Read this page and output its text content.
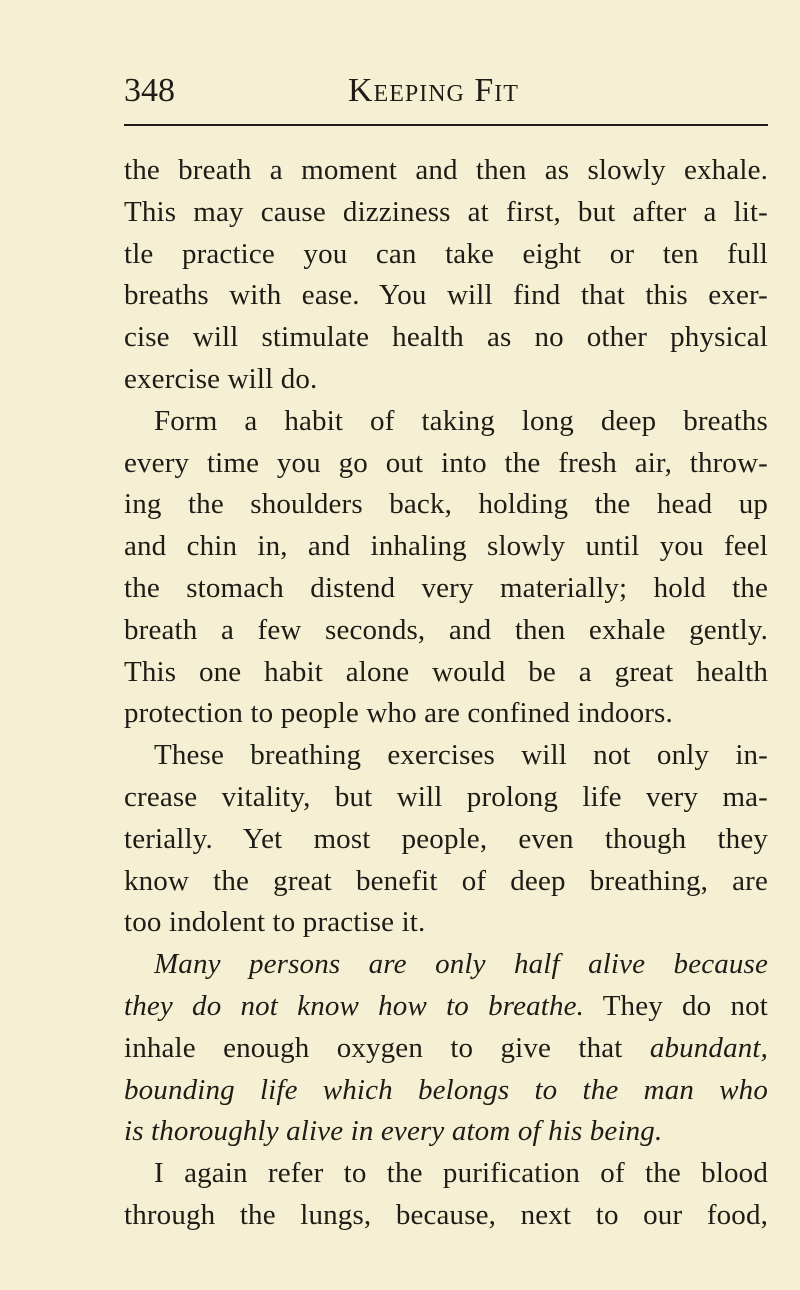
348	Keeping Fit
the breath a moment and then as slowly exhale.
This may cause dizziness at first, but after a lit-
tle practice you can take eight or ten full
breaths with ease. You will find that this exer-
cise will stimulate health as no other physical
exercise will do.
Form a habit of taking long deep breaths
every time you go out into the fresh air, throw-
ing the shoulders back, holding the head up
and chin in, and inhaling slowly until you feel
the stomach distend very materially; hold the
breath a few seconds, and then exhale gently.
This one habit alone would be a great health
protection to people who are confined indoors.
These breathing exercises will not only in-
crease vitality, but will prolong life very ma-
terially. Yet most people, even though they
know the great benefit of deep breathing, are
too indolent to practise it.
Many persons are only half alive because
they do not know how to breathe. They do not
inhale enough oxygen to give that abundant,
bounding life which belongs to the man who
is thoroughly alive in every atom of his being.
I again refer to the purification of the blood
through the lungs, because, next to our food,
